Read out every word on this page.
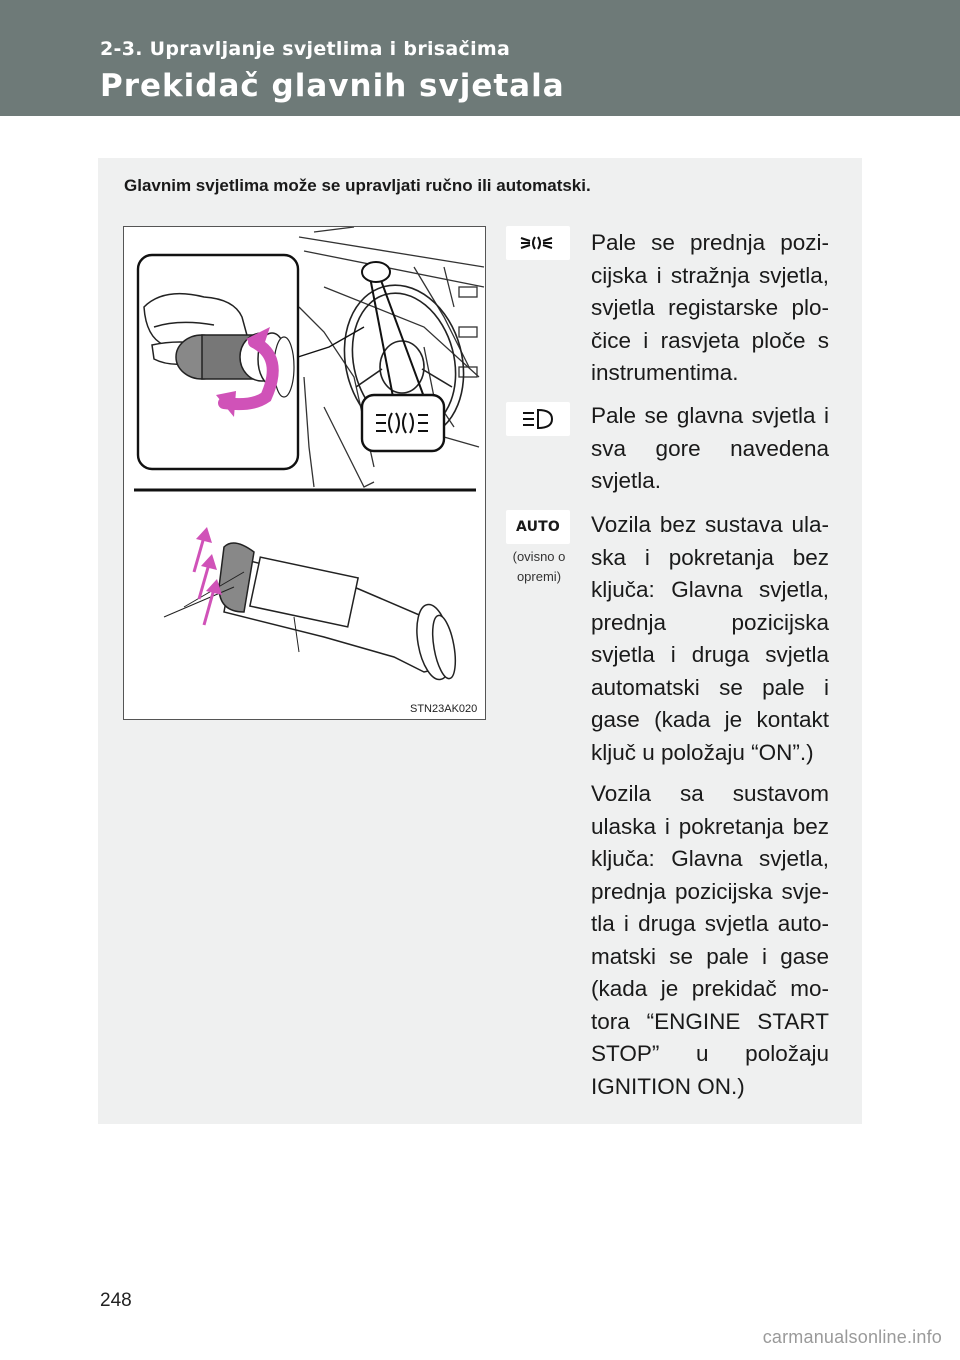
2-3. Upravljanje svjetlima i brisačima
Prekidač glavnih svjetala
Glavnim svjetlima može se upravljati ručno ili automatski.
STN23AK020
Pale se prednja pozi-cijska i stražnja svjetla, svjetla registarske plo-čice i rasvjeta ploče s instrumentima.
Pale se glavna svjetla i sva gore navedena svjetla.
AUTO
(ovisno o opremi)
Vozila bez sustava ula-ska i pokretanja bez ključa: Glavna svjetla, prednja pozicijska svjetla i druga svjetla automatski se pale i gase (kada je kontakt ključ u položaju “ON”.)
Vozila sa sustavom ulaska i pokretanja bez ključa: Glavna svjetla, prednja pozicijska svje-tla i druga svjetla auto-matski se pale i gase (kada je prekidač mo-tora “ENGINE START STOP” u položaju IGNITION ON.)
248
carmanualsonline.info
